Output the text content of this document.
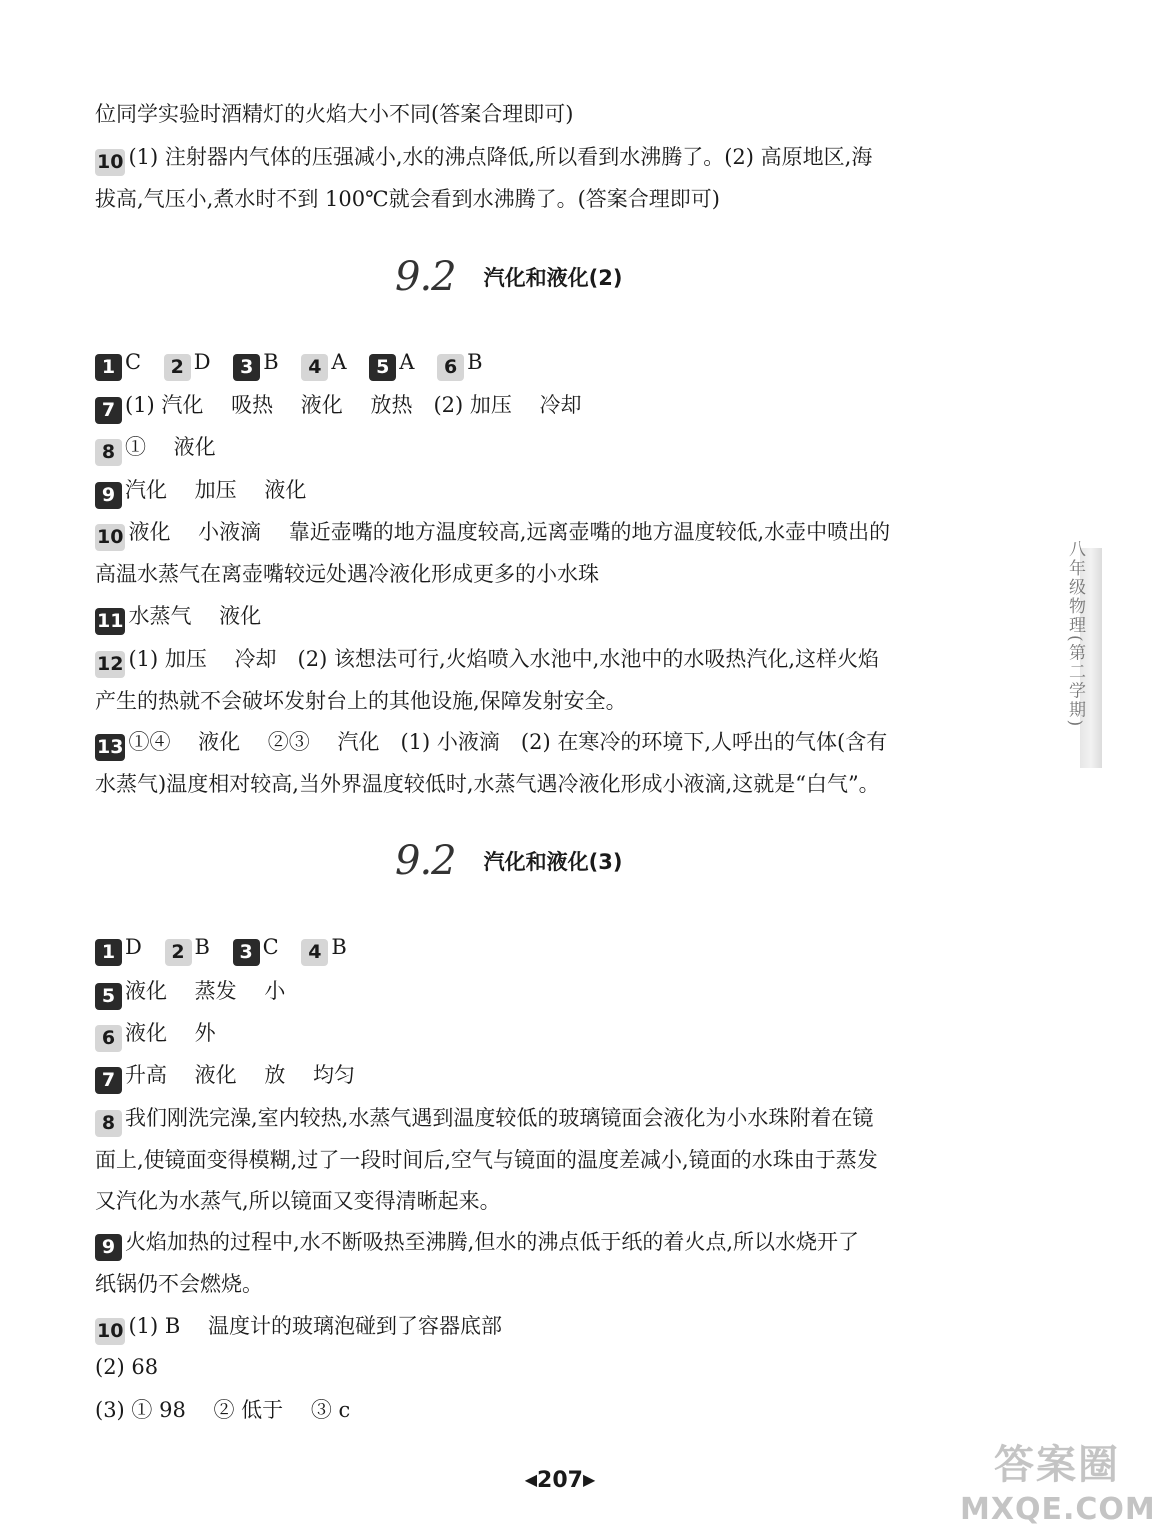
位同学实验时酒精灯的火焰大小不同(答案合理即可)
10 (1) 注射器内气体的压强减小,水的沸点降低,所以看到水沸腾了。(2) 高原地区,海
拔高,气压小,煮水时不到 100℃就会看到水沸腾了。(答案合理即可)
9.2 汽化和液化(2)
1 C 2 D 3 B 4 A 5 A 6 B
7 (1) 汽化　 吸热　 液化　 放热　(2) 加压　 冷却
8 ①　 液化
9 汽化　 加压　 液化
10 液化　 小液滴　 靠近壶嘴的地方温度较高,远离壶嘴的地方温度较低,水壶中喷出的
高温水蒸气在离壶嘴较远处遇冷液化形成更多的小水珠
11 水蒸气　 液化
12 (1) 加压　 冷却　(2) 该想法可行,火焰喷入水池中,水池中的水吸热汽化,这样火焰
产生的热就不会破坏发射台上的其他设施,保障发射安全。
13 ①④　 液化　 ②③　 汽化　(1) 小液滴　(2) 在寒冷的环境下,人呼出的气体(含有
水蒸气)温度相对较高,当外界温度较低时,水蒸气遇冷液化形成小液滴,这就是“白气”。
9.2 汽化和液化(3)
1 D 2 B 3 C 4 B
5 液化　 蒸发　 小
6 液化　 外
7 升高　 液化　 放　 均匀
8 我们刚洗完澡,室内较热,水蒸气遇到温度较低的玻璃镜面会液化为小水珠附着在镜
面上,使镜面变得模糊,过了一段时间后,空气与镜面的温度差减小,镜面的水珠由于蒸发
又汽化为水蒸气,所以镜面又变得清晰起来。
9 火焰加热的过程中,水不断吸热至沸腾,但水的沸点低于纸的着火点,所以水烧开了
纸锅仍不会燃烧。
10 (1) B　 温度计的玻璃泡碰到了容器底部
(2) 68
(3) ① 98　 ② 低于　 ③ c
八年级物理(第二学期)
◀207▶	答案圈
MXQE.COM
